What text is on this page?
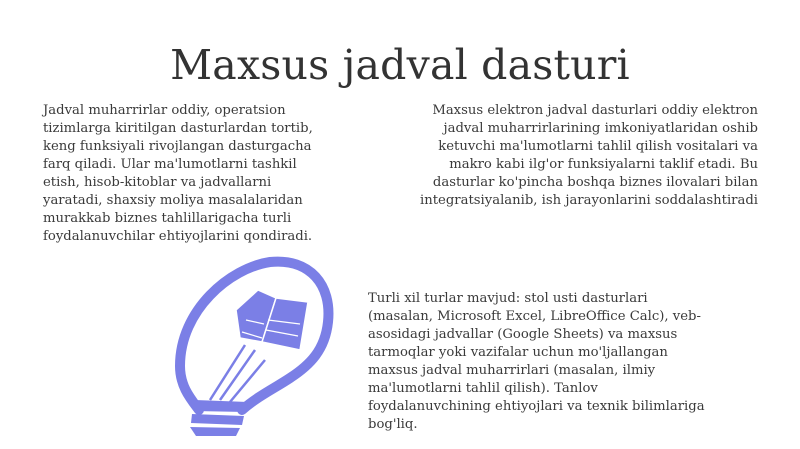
Maxsus jadval dasturi

Jadval muharrirlar oddiy, operatsion
tizimlarga kiritilgan dasturlardan tortib,
keng funksiyali rivojlangan dasturgacha
farq qiladi. Ular ma'lumotlarni tashkil
etish, hisob-kitoblar va jadvallarni
yaratadi, shaxsiy moliya masalalaridan
murakkab biznes tahlillarigacha turli
foydalanuvchilar ehtiyojlarini qondiradi.

Maxsus elektron jadval dasturlari oddiy elektron
jadval muharrirlarining imkoniyatlaridan oshib
ketuvchi ma'lumotlarni tahlil qilish vositalari va
makro kabi ilg'or funksiyalarni taklif etadi. Bu
dasturlar ko'pincha boshqa biznes ilovalari bilan
integratsiyalanib, ish jarayonlarini soddalashtiradi

Turli xil turlar mavjud: stol usti dasturlari
(masalan, Microsoft Excel, LibreOffice Calc), veb-
asosidagi jadvallar (Google Sheets) va maxsus
tarmoqlar yoki vazifalar uchun mo'ljallangan
maxsus jadval muharrirlari (masalan, ilmiy
ma'lumotlarni tahlil qilish). Tanlov
foydalanuvchining ehtiyojlari va texnik bilimlariga
bog'liq.
